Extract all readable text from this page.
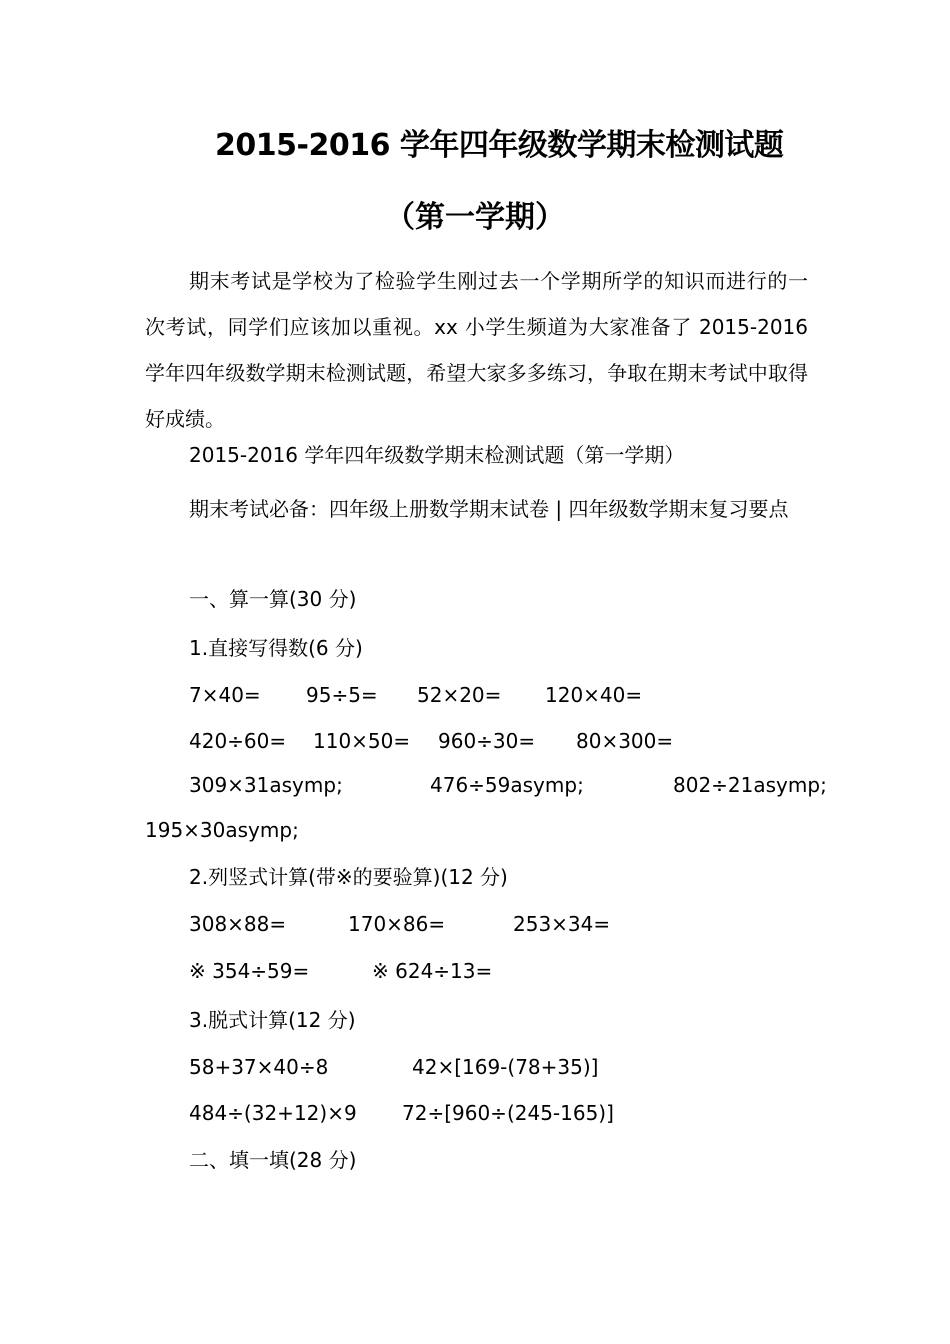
2015-2016 学年四年级数学期末检测试题
（第一学期）
期末考试是学校为了检验学生刚过去一个学期所学的知识而进行的一次考试，同学们应该加以重视。xx 小学生频道为大家准备了 2015-2016 学年四年级数学期末检测试题，希望大家多多练习，争取在期末考试中取得好成绩。
2015-2016 学年四年级数学期末检测试题（第一学期）
期末考试必备：四年级上册数学期末试卷 | 四年级数学期末复习要点
一、算一算(30 分)
1.直接写得数(6 分)
7×40= 95÷5= 52×20= 120×40=
420÷60= 110×50= 960÷30= 80×300=
309×31asymp;	476÷59asymp;	802÷21asymp;
195×30asymp;
2.列竖式计算(带※的要验算)(12 分)
308×88=	170×86=	253×34=
※ 354÷59=	※ 624÷13=
3.脱式计算(12 分)
58+37×40÷8	42×[169-(78+35)]
484÷(32+12)×9 72÷[960÷(245-165)]
二、填一填(28 分)
